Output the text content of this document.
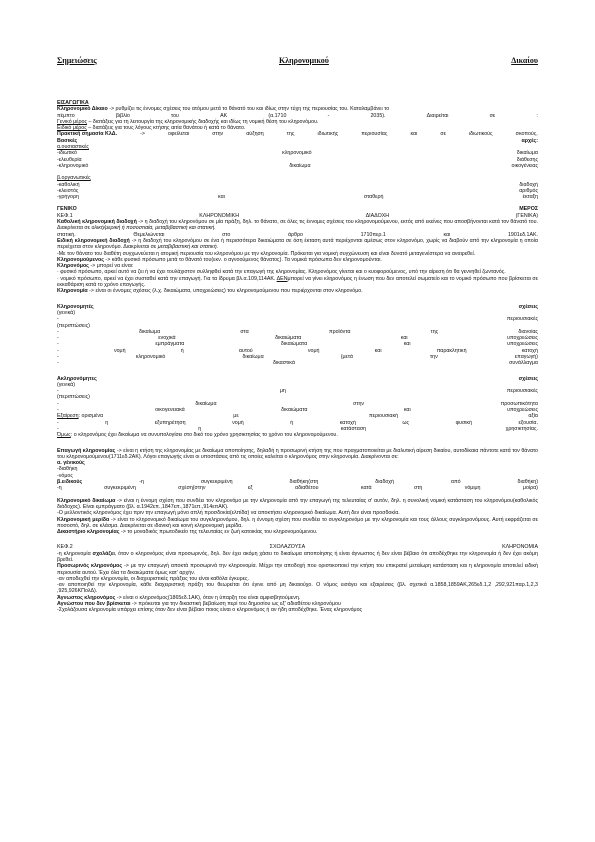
Σημειώσεις	Κληρονομικού	Δικαίου
ΕΙΣΑΓΩΓΙΚΑ

Κληρονομικό Δίκαιο -> ρυθμίζει τις έννομες σχέσεις του ατόμου μετά το θάνατό του και ιδίως στην τύχη της περιουσίας του. Καταλαμβάνει το

πέμπτο	βιβλίο	του	ΑΚ	(α.1710	-	2035).	Διαιρείται	σε	:

Γενικό μέρος – διατάξεις για τη λειτουργία της κληρονομικής διαδοχής και ιδίως τη νομική θέση του κληρονόμου.

Ειδικό μέρος – διατάξεις για τους λόγους κτήσης αιτία θανάτου ή κατά το θάνατο.

Πρακτική σημασία ΚλΔ.	->	οφείλεται	στην	αύξηση	της	ιδιωτικής	περιουσίας	και	σε	ιδιωτικούς	σκοπούς.
Βασικές	αρχές:
α.ουσιαστικές
-ιδιωτικό	κληρονομικό	δικαίωμα
-ελευθερία	διάθεσης
-κληρονομικό	δικαίωμα	οικογένειας
β.οργανωτικές
-καθολική	διαδοχή
-κλειστός	αριθμός
-γρήγορη	και	σταθερή	έκταξη
ΓΕΝΙΚΟ	ΜΕΡΟΣ
ΚΕΦ.1	ΚΛΗΡΟΝΟΜΙΚΗ	ΔΙΑΔΟΧΗ	(ΓΕΝΙΚΑ)

Καθολική κληρονομική διαδοχή -> η διαδοχή του κληρονόμου σε μία πράξη, δηλ. το θάνατο, σε όλες τις έννομες σχέσεις του κληρονομούμενου, εκτός από εκείνες που αποσβήνονται κατά τον θάνατό του. Διακρίνεται σε ολική/μερική ή ποσοστιαία, μεταβιβαστική και στατική.

στατική.	Θεμελιώνεται	στο	άρθρο	1710περ.1	και	1901εδ.1ΑΚ.

Ειδική κληρονομική διαδοχή -> η διαδοχή του κληρονόμου σε ένα ή περισσότερα δικαιώματα σε όση έκταση αυτά περιέχονται αμέσως στον κληρονόμο, χωρίς να διαβούν από την κληρονομία η οποία περιέχεται στον κληρονόμο. Διακρίνεται σε μεταβιβαστική και στατική.

-Με τον θάνατο του διαθέτη συγχωνεύεται η ατομική περιουσία του κληρονόμου με την κληρονομία. Πρόκειται για νομική συγχώνευση και είναι δυνατό μεταγενέστερα να αναιρεθεί.

Κληρονομούμενος -> κάθε φυσικό πρόσωπο μετά το θάνατό του(εκν. ο αγνοούμενος θάνατος). Τα νομικά πρόσωπα δεν κληρονομούνται.

Κληρονόμος -> μπορεί να είναι:

· φυσικό πρόσωπο, αρκεί αυτό να ζει ή να έχει τουλάχιστον συλληφθεί κατά την επαγωγή της κληρονομίας. Κληρονόμος γίνεται και ο κυοφορούμενος, υπό την αίρεση ότι θα γεννηθεί ζωντανός.

· νομικό πρόσωπο, αρκεί να έχει συσταθεί κατά την επαγωγή. Για τα ίδρυμα βλ.α.109,114ΑΚ. ΔΕΝμπορεί να γίνει κληρονόμος η ένωση που δεν αποτελεί σωματείο και το νομικό πρόσωπο που βρίσκεται σε εκκαθάριση κατά το χρόνο επαγωγής.

Κληρονομία -> είναι οι έννομες σχέσεις (λ.χ. δικαιώματα, υποχρεώσεις) του κληρονομούμενου που περιέρχονται στον κληρονόμο.

Κληρονομητές	σχέσεις
(γενικά)
-	περιουσιακές
(περιπτώσεις)
-	δικαίωμα	στα	προϊόντα	της	διανοίας
-	ενοχικά	δικαιώματα	και	υποχρεώσεις
-	εμπράγματα	δικαιώματα	και	υποχρεώσεις
-	νομή	ή	αυτού	νομή	και	παρακλητική	κατοχή
-	κληρονομικό	δικαίωμα	(μετά	την	επαγωγή)
-	δικαστικά	συνάλλαγμα
Ακληρονόμητες	σχέσεις
(γενικά)
-	μη	περιουσιακές
(περιπτώσεις)
-	δικαίωμα	στην	προσωπικότητα
-	οικογενειακά	δικαιώματα	και	υποχρεώσεις
Εξαίρεση: ορισμένα	με	περιουσιακή	αξία
-	η	εξυπηρέτηση	νομή	ή	κατοχή	ως	φυσική	εξουσία.
-	η	κατάσταση	χρησικτησίας.

Όμως: ο κληρονόμος έχει δικαίωμα να συνυπολογίσει στο δικό του χρόνο χρησικτησίας το χρόνο του κληρονομούμενου.

Επαγωγή κληρονομίας -> είναι η κτήση της κληρονομίας με δικαίωμα αποποίησης, δηλαδή η προσωρινή κτήση της που πραγματοποιείται με διαλυτική αίρεση δικαίου, αυτοδίκαια πάντοτε κατά τον θάνατο του κληρονομούμενου(1711εδ.2ΑΚ). Λόγοι επαγωγής είναι οι υποστάσεις από τις οποίες καλείται ο κληρονόμος στην κληρονομία. Διακρίνονται σε:

α. γένικούς
-διαθήκη
-νόμος
β.ειδικούς	-η	συγκεκριμένη	διαθήκη(στη	διαδοχή	από	διαθήκη)
-η	συγκεκριμένη	σχέση(στην	εξ	αδιαθέτου	κατά	στη	νόμιμη	μοίρα)

Κληρονομικό δικαίωμα -> είναι η έννομη σχέση που συνδέει τον κληρονόμο με την κληρονομία από την επαγωγή της τελευταίας σ' αυτόν, δηλ. η συνολική νομική κατάσταση του κληρονόμου(καθολικός διάδοχος). Είναι εμπράγματο (βλ. α.1942επ.,1847επ.,1871επ.,914επΑΚ).

-Ο μελλοντικός κληρονόμος έχει πριν την επαγωγή μόνο απλή προσδοκία(ελπίδα) να αποκτήσει κληρονομικό δικαίωμα. Αυτή δεν είναι προσδοκία.

Κληρονομική μερίδα -> είναι το κληρονομικό δικαίωμα του συγκληρονόμου, δηλ. η έννομη σχέση που συνδέει το συγκληρονόμο με την κληρονομία και τους άλλους συγκληρονόμους. Αυτή εκφράζεται σε ποσοστό, δηλ. σε κλάσμα. Διακρίνεται σε ιδανική και κοινή κληρονομική μερίδα.

Δικαστήριο κληρονομίας -> το μοναδικός πρωτοδικείο της τελευταίας εν ζωή κατοικίας του κληρονομούμενου.

ΚΕΦ.2	ΣΧΟΛΑΖΟΥΣΑ	ΚΛΗΡΟΝΟΜΙΑ

-η κληρονομία σχολάζει, όταν ο κληρονόμος είναι προσωρινός, δηλ. δεν έχει ακόμη χάσει το δικαίωμα αποποίησης ή είναι άγνωστος ή δεν είναι βέβαιο ότι αποδέχθηκε την κληρονομία ή δεν έχει ακόμη βρεθεί.

Προσωρινός κληρονόμος -> με την επαγωγή αποκτά προσωρινά την κληρονομία. Μέχρι την αποδοχή που οριστικοποιεί την κτήση του επικρατεί μεταίωρη κατάσταση και η κληρονομία αποτελεί ειδική περιουσία αυτού. Έχει όλα τα δικαιώματα όμως κατ' αρχήν.

-αν αποδεχθεί την κληρονομία, οι διαχειριστικές πράξεις του είναι καθόλα έγκυρες.

-αν αποποιηθεί την κληρονομία, κάθε διαχειριστική πράξη του θεωρείται ότι έγινε από μη δικαιούχο. Ο νόμος εισάγει και εξαιρέσεις (βλ. σχετικά α.1858,1859ΑΚ,265εδ.1,2 ,292,921παρ.1,2,3 ,925,926ΚΠολΔ).

Άγνωστος κληρονόμος -> είναι ο κληρονόμος(1865εδ.1ΑΚ), όταν η ύπαρξη του είναι αμφισβητούμενη.

Αγνώστου που δεν βρίσκεται -> πρόκειται για την δικαστική βεβαίωση περί του δημοσίου ως εξ' αδιαθέτου κληρονόμου

-Σχολάζουσα κληρονομία υπάρχει επίσης όταν δεν είναι βέβαιο ποιος είναι ο κληρονόμος ή αν ήδη αποδέχθηκε. Ένας κληρονόμος
